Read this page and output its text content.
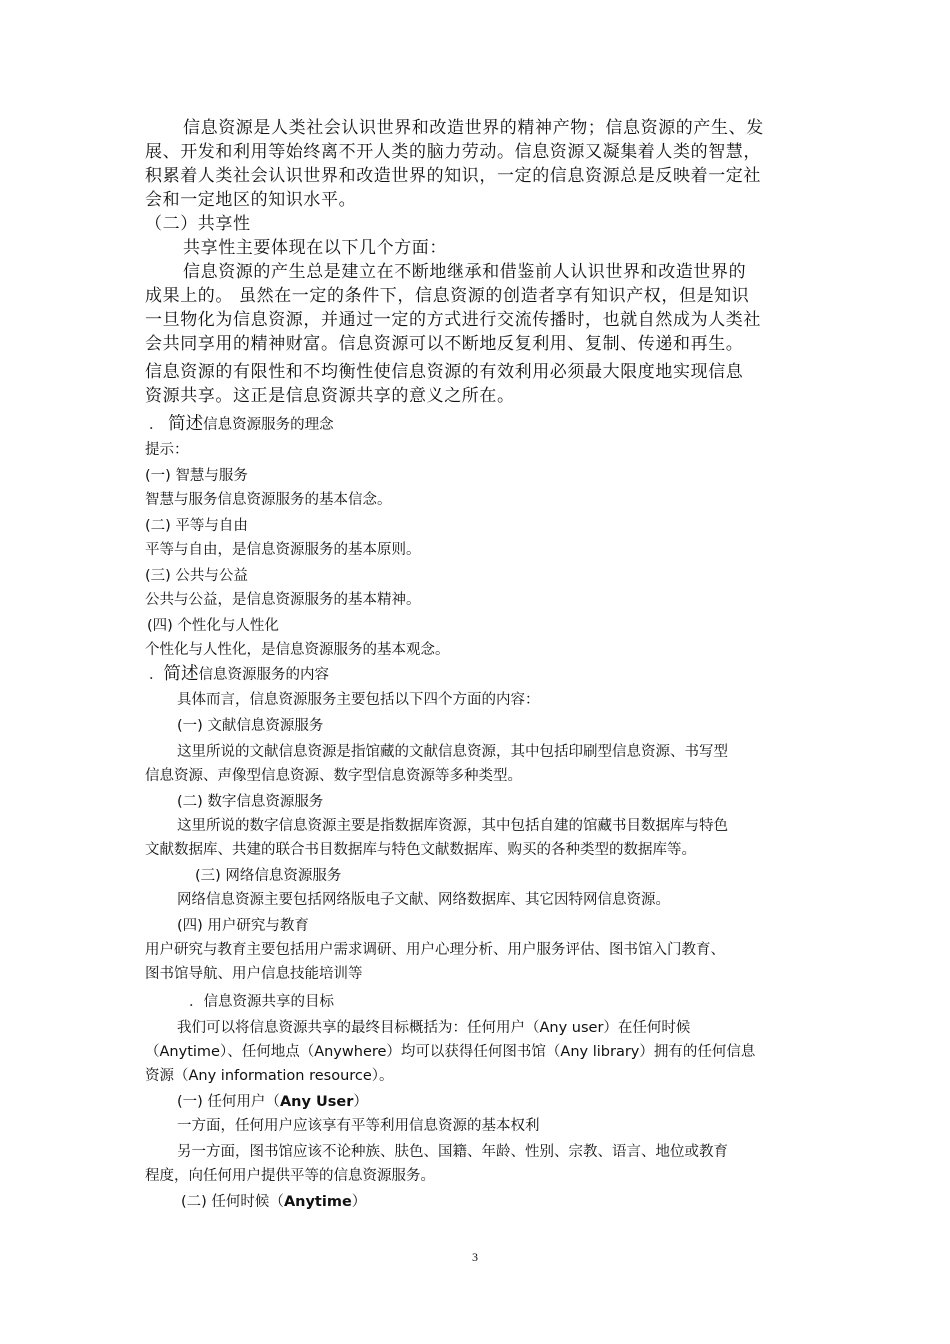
信息资源是人类社会认识世界和改造世界的精神产物；信息资源的产生、发

展、开发和利用等始终离不开人类的脑力劳动。信息资源又凝集着人类的智慧，

积累着人类社会认识世界和改造世界的知识，一定的信息资源总是反映着一定社

会和一定地区的知识水平。

（二）共享性

共享性主要体现在以下几个方面：

信息资源的产生总是建立在不断地继承和借鉴前人认识世界和改造世界的

成果上的。 虽然在一定的条件下，信息资源的创造者享有知识产权，但是知识

一旦物化为信息资源，并通过一定的方式进行交流传播时，也就自然成为人类社

会共同享用的精神财富。信息资源可以不断地反复利用、复制、传递和再生。

信息资源的有限性和不均衡性使信息资源的有效利用必须最大限度地实现信息

资源共享。这正是信息资源共享的意义之所在。

． 简述信息资源服务的理念

提示：

(一) 智慧与服务

智慧与服务信息资源服务的基本信念。

(二) 平等与自由

平等与自由，是信息资源服务的基本原则。

(三) 公共与公益

公共与公益，是信息资源服务的基本精神。

(四) 个性化与人性化

个性化与人性化，是信息资源服务的基本观念。

．简述信息资源服务的内容

具体而言，信息资源服务主要包括以下四个方面的内容：

(一) 文献信息资源服务

这里所说的文献信息资源是指馆藏的文献信息资源，其中包括印刷型信息资源、书写型

信息资源、声像型信息资源、数字型信息资源等多种类型。

(二) 数字信息资源服务

这里所说的数字信息资源主要是指数据库资源，其中包括自建的馆藏书目数据库与特色

文献数据库、共建的联合书目数据库与特色文献数据库、购买的各种类型的数据库等。

(三) 网络信息资源服务

网络信息资源主要包括网络版电子文献、网络数据库、其它因特网信息资源。

(四) 用户研究与教育

用户研究与教育主要包括用户需求调研、用户心理分析、用户服务评估、图书馆入门教育、

图书馆导航、用户信息技能培训等

．信息资源共享的目标

我们可以将信息资源共享的最终目标概括为：任何用户（Any user）在任何时候

（Anytime）、任何地点（Anywhere）均可以获得任何图书馆（Any library）拥有的任何信息

资源（Any information resource）。

(一) 任何用户（Any User）

一方面，任何用户应该享有平等利用信息资源的基本权利

另一方面，图书馆应该不论种族、肤色、国籍、年龄、性别、宗教、语言、地位或教育

程度，向任何用户提供平等的信息资源服务。

(二) 任何时候（Anytime）

3
